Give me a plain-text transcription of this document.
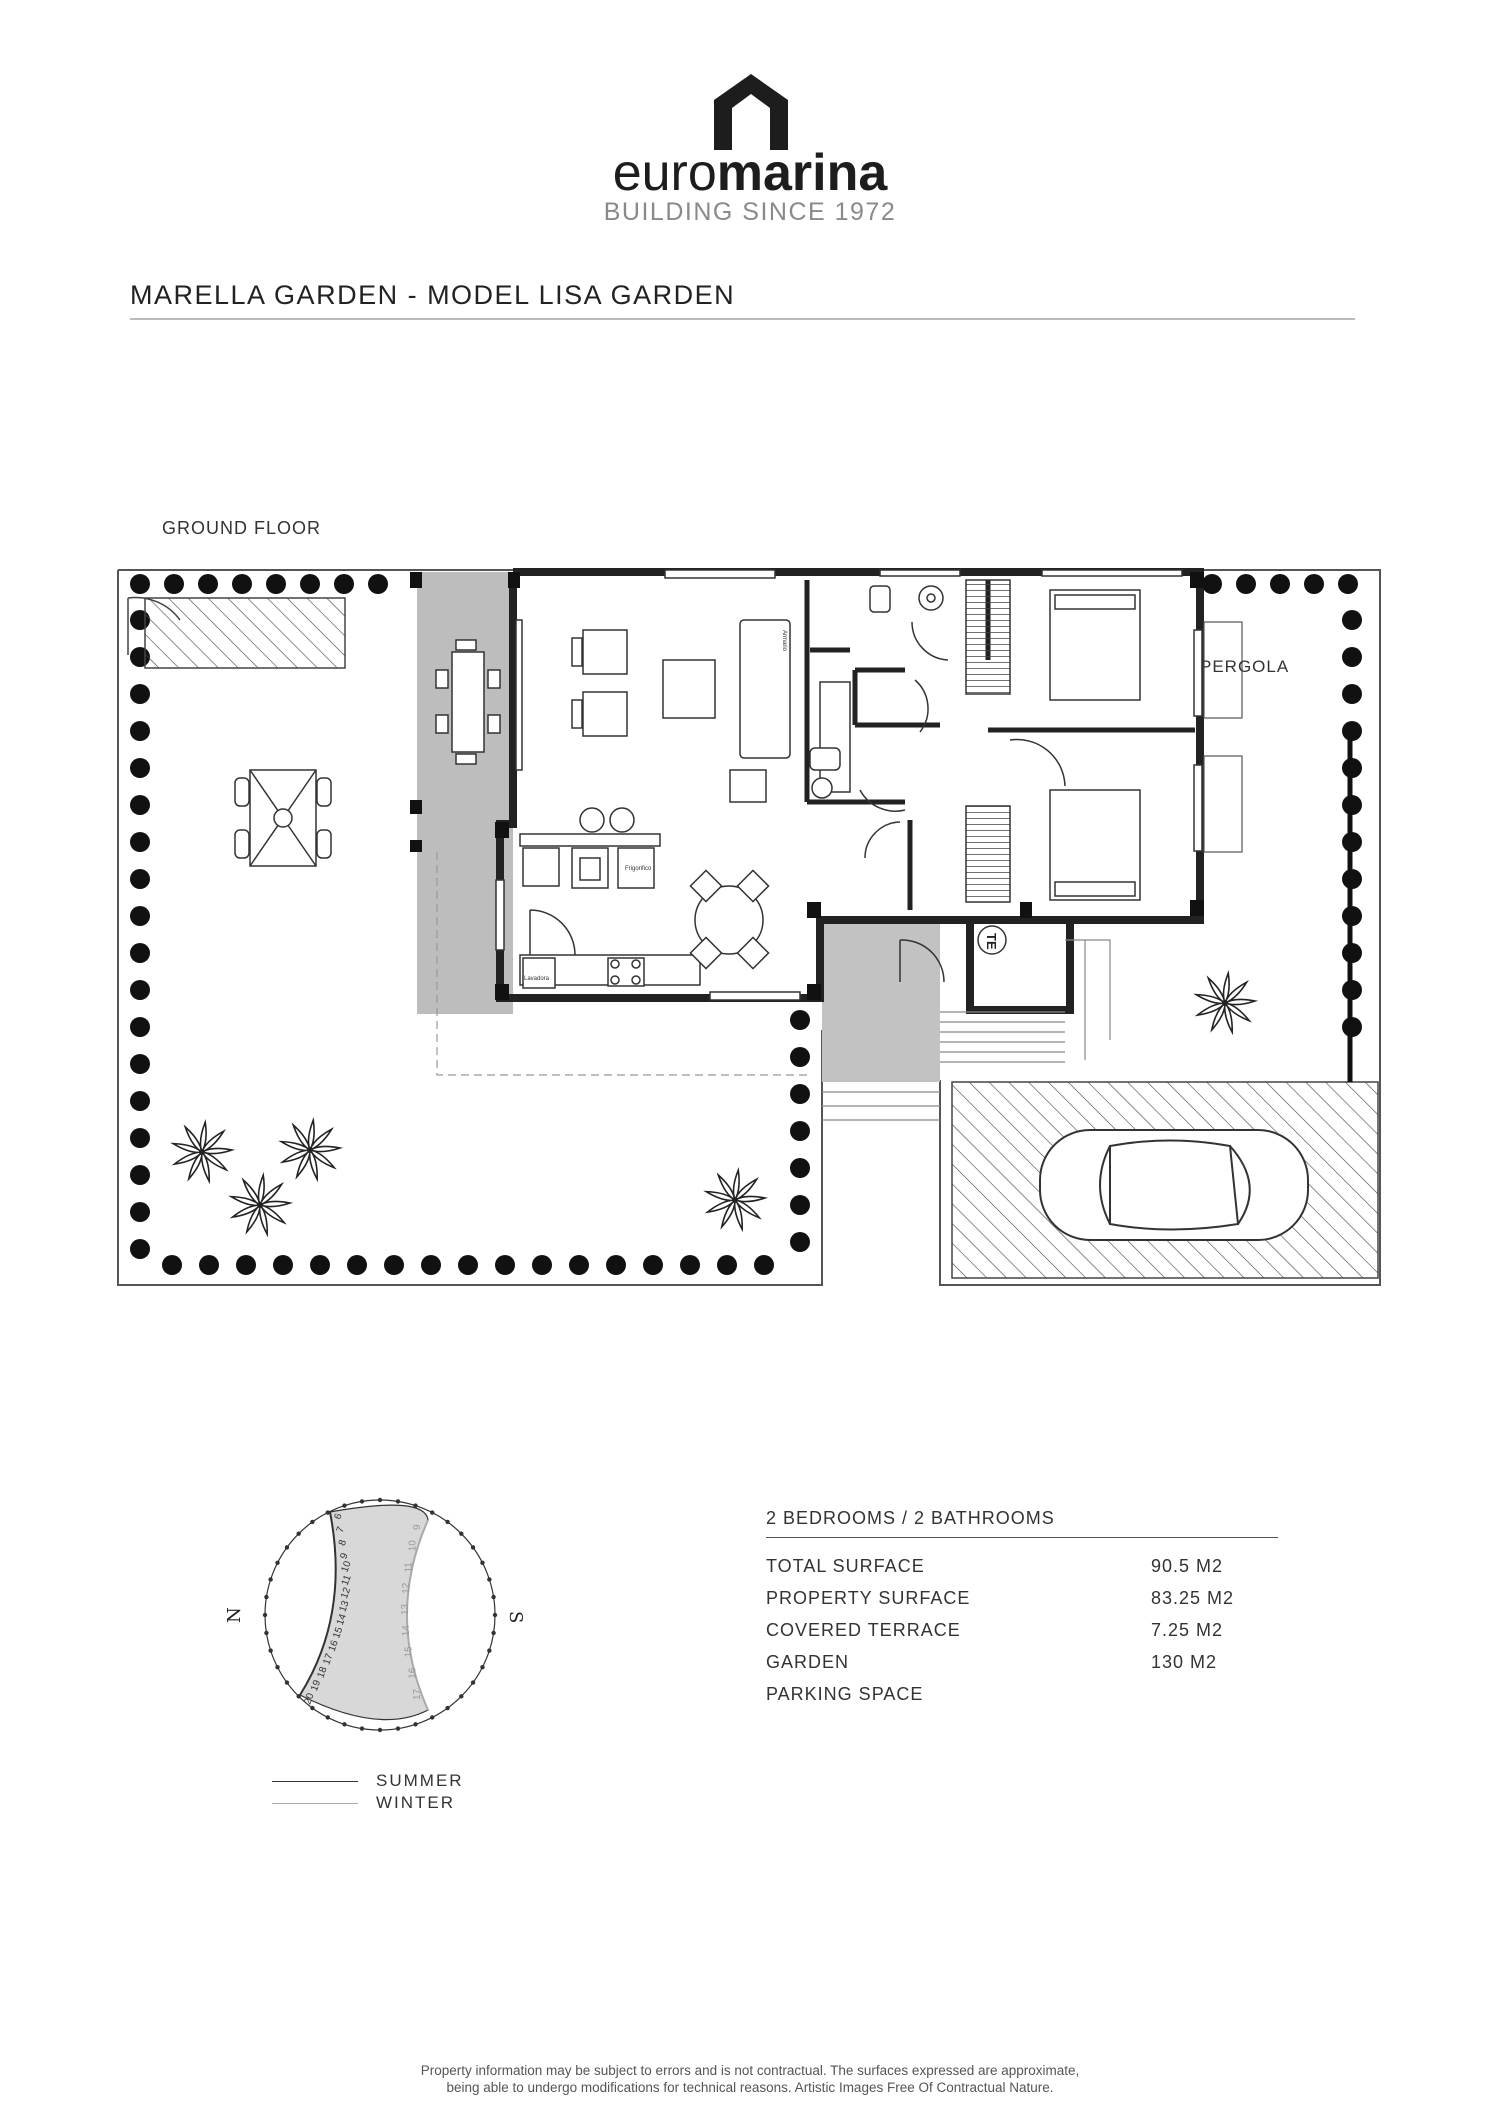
euromarina
BUILDING SINCE 1972
MARELLA GARDEN - MODEL LISA GARDEN
GROUND FLOOR
Frigorifico
Lavadora
Armario
TE
PERGOLA
2 BEDROOMS / 2 BATHROOMS
TOTAL SURFACE	90.5 M2
PROPERTY SURFACE	83.25 M2
COVERED TERRACE	7.25 M2
GARDEN	130 M2
PARKING SPACE
6
7
8
9
10
11
12
13
14
15
16
17
18
19
20
9
10
11
12
13
14
15
16
17
N	S
SUMMER
WINTER
Property information may be subject to errors and is not contractual. The surfaces expressed are approximate,
being able to undergo modifications for technical reasons. Artistic Images Free Of Contractual Nature.
